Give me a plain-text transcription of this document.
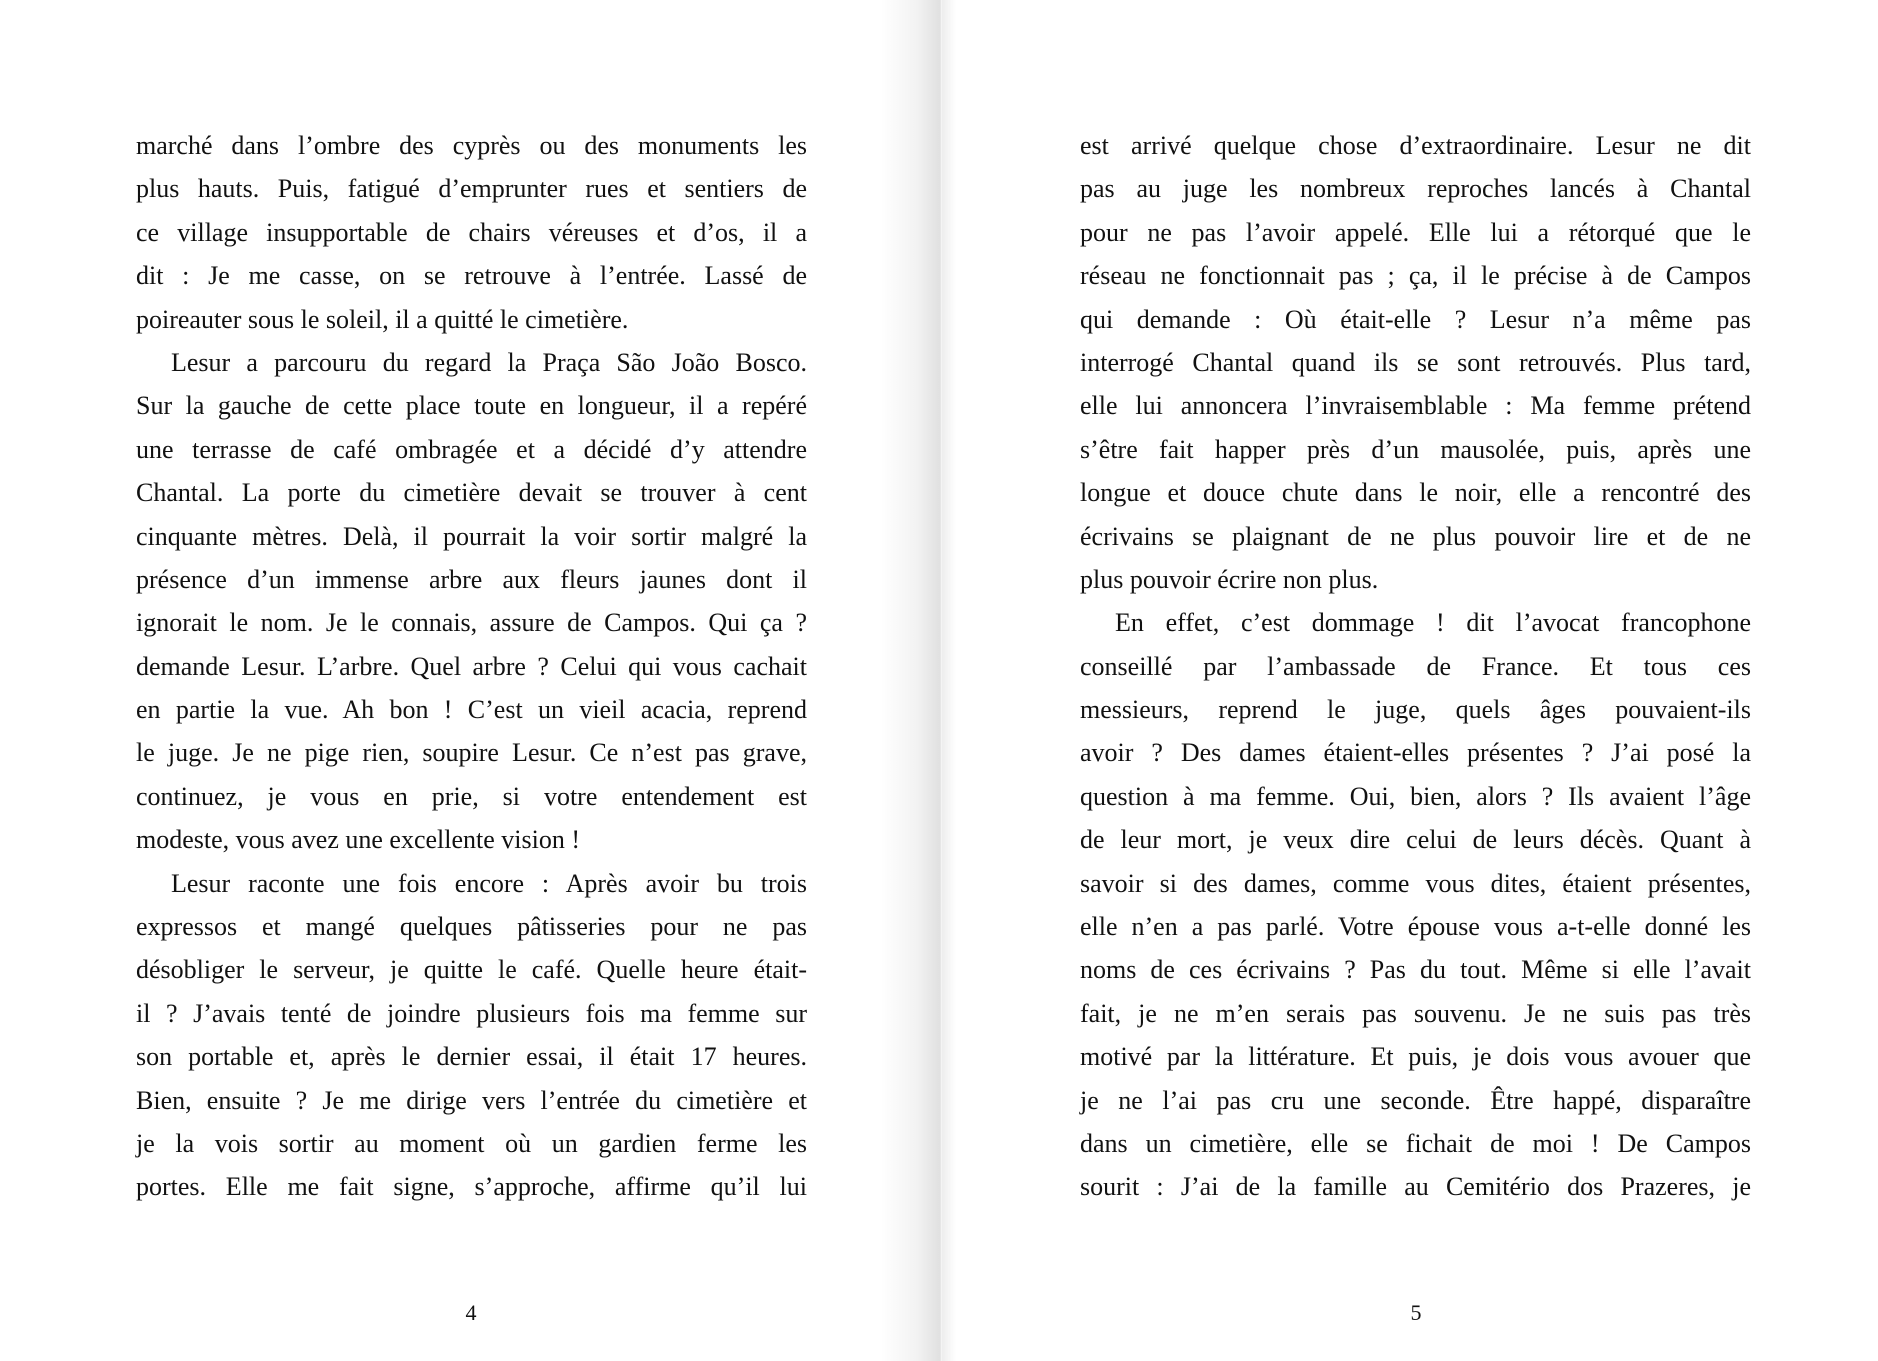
marché dans l’ombre des cyprès ou des monuments les
plus hauts. Puis, fatigué d’emprunter rues et sentiers de
ce village insupportable de chairs véreuses et d’os, il a
dit : Je me casse, on se retrouve à l’entrée. Lassé de
poireauter sous le soleil, il a quitté le cimetière.
Lesur a parcouru du regard la Praça São João Bosco.
Sur la gauche de cette place toute en longueur, il a repéré
une terrasse de café ombragée et a décidé d’y attendre
Chantal. La porte du cimetière devait se trouver à cent
cinquante mètres. Delà, il pourrait la voir sortir malgré la
présence d’un immense arbre aux fleurs jaunes dont il
ignorait le nom. Je le connais, assure de Campos. Qui ça ?
demande Lesur. L’arbre. Quel arbre ? Celui qui vous cachait
en partie la vue. Ah bon ! C’est un vieil acacia, reprend
le juge. Je ne pige rien, soupire Lesur. Ce n’est pas grave,
continuez, je vous en prie, si votre entendement est
modeste, vous avez une excellente vision !
Lesur raconte une fois encore : Après avoir bu trois
expressos et mangé quelques pâtisseries pour ne pas
désobliger le serveur, je quitte le café. Quelle heure était-
il ? J’avais tenté de joindre plusieurs fois ma femme sur
son portable et, après le dernier essai, il était 17 heures.
Bien, ensuite ? Je me dirige vers l’entrée du cimetière et
je la vois sortir au moment où un gardien ferme les
portes. Elle me fait signe, s’approche, affirme qu’il lui
est arrivé quelque chose d’extraordinaire. Lesur ne dit
pas au juge les nombreux reproches lancés à Chantal
pour ne pas l’avoir appelé. Elle lui a rétorqué que le
réseau ne fonctionnait pas ; ça, il le précise à de Campos
qui demande : Où était-elle ? Lesur n’a même pas
interrogé Chantal quand ils se sont retrouvés. Plus tard,
elle lui annoncera l’invraisemblable : Ma femme prétend
s’être fait happer près d’un mausolée, puis, après une
longue et douce chute dans le noir, elle a rencontré des
écrivains se plaignant de ne plus pouvoir lire et de ne
plus pouvoir écrire non plus.
En effet, c’est dommage ! dit l’avocat francophone
conseillé par l’ambassade de France. Et tous ces
messieurs, reprend le juge, quels âges pouvaient-ils
avoir ? Des dames étaient-elles présentes ? J’ai posé la
question à ma femme. Oui, bien, alors ? Ils avaient l’âge
de leur mort, je veux dire celui de leurs décès. Quant à
savoir si des dames, comme vous dites, étaient présentes,
elle n’en a pas parlé. Votre épouse vous a-t-elle donné les
noms de ces écrivains ? Pas du tout. Même si elle l’avait
fait, je ne m’en serais pas souvenu. Je ne suis pas très
motivé par la littérature. Et puis, je dois vous avouer que
je ne l’ai pas cru une seconde. Être happé, disparaître
dans un cimetière, elle se fichait de moi ! De Campos
sourit : J’ai de la famille au Cemitério dos Prazeres, je
4	5
